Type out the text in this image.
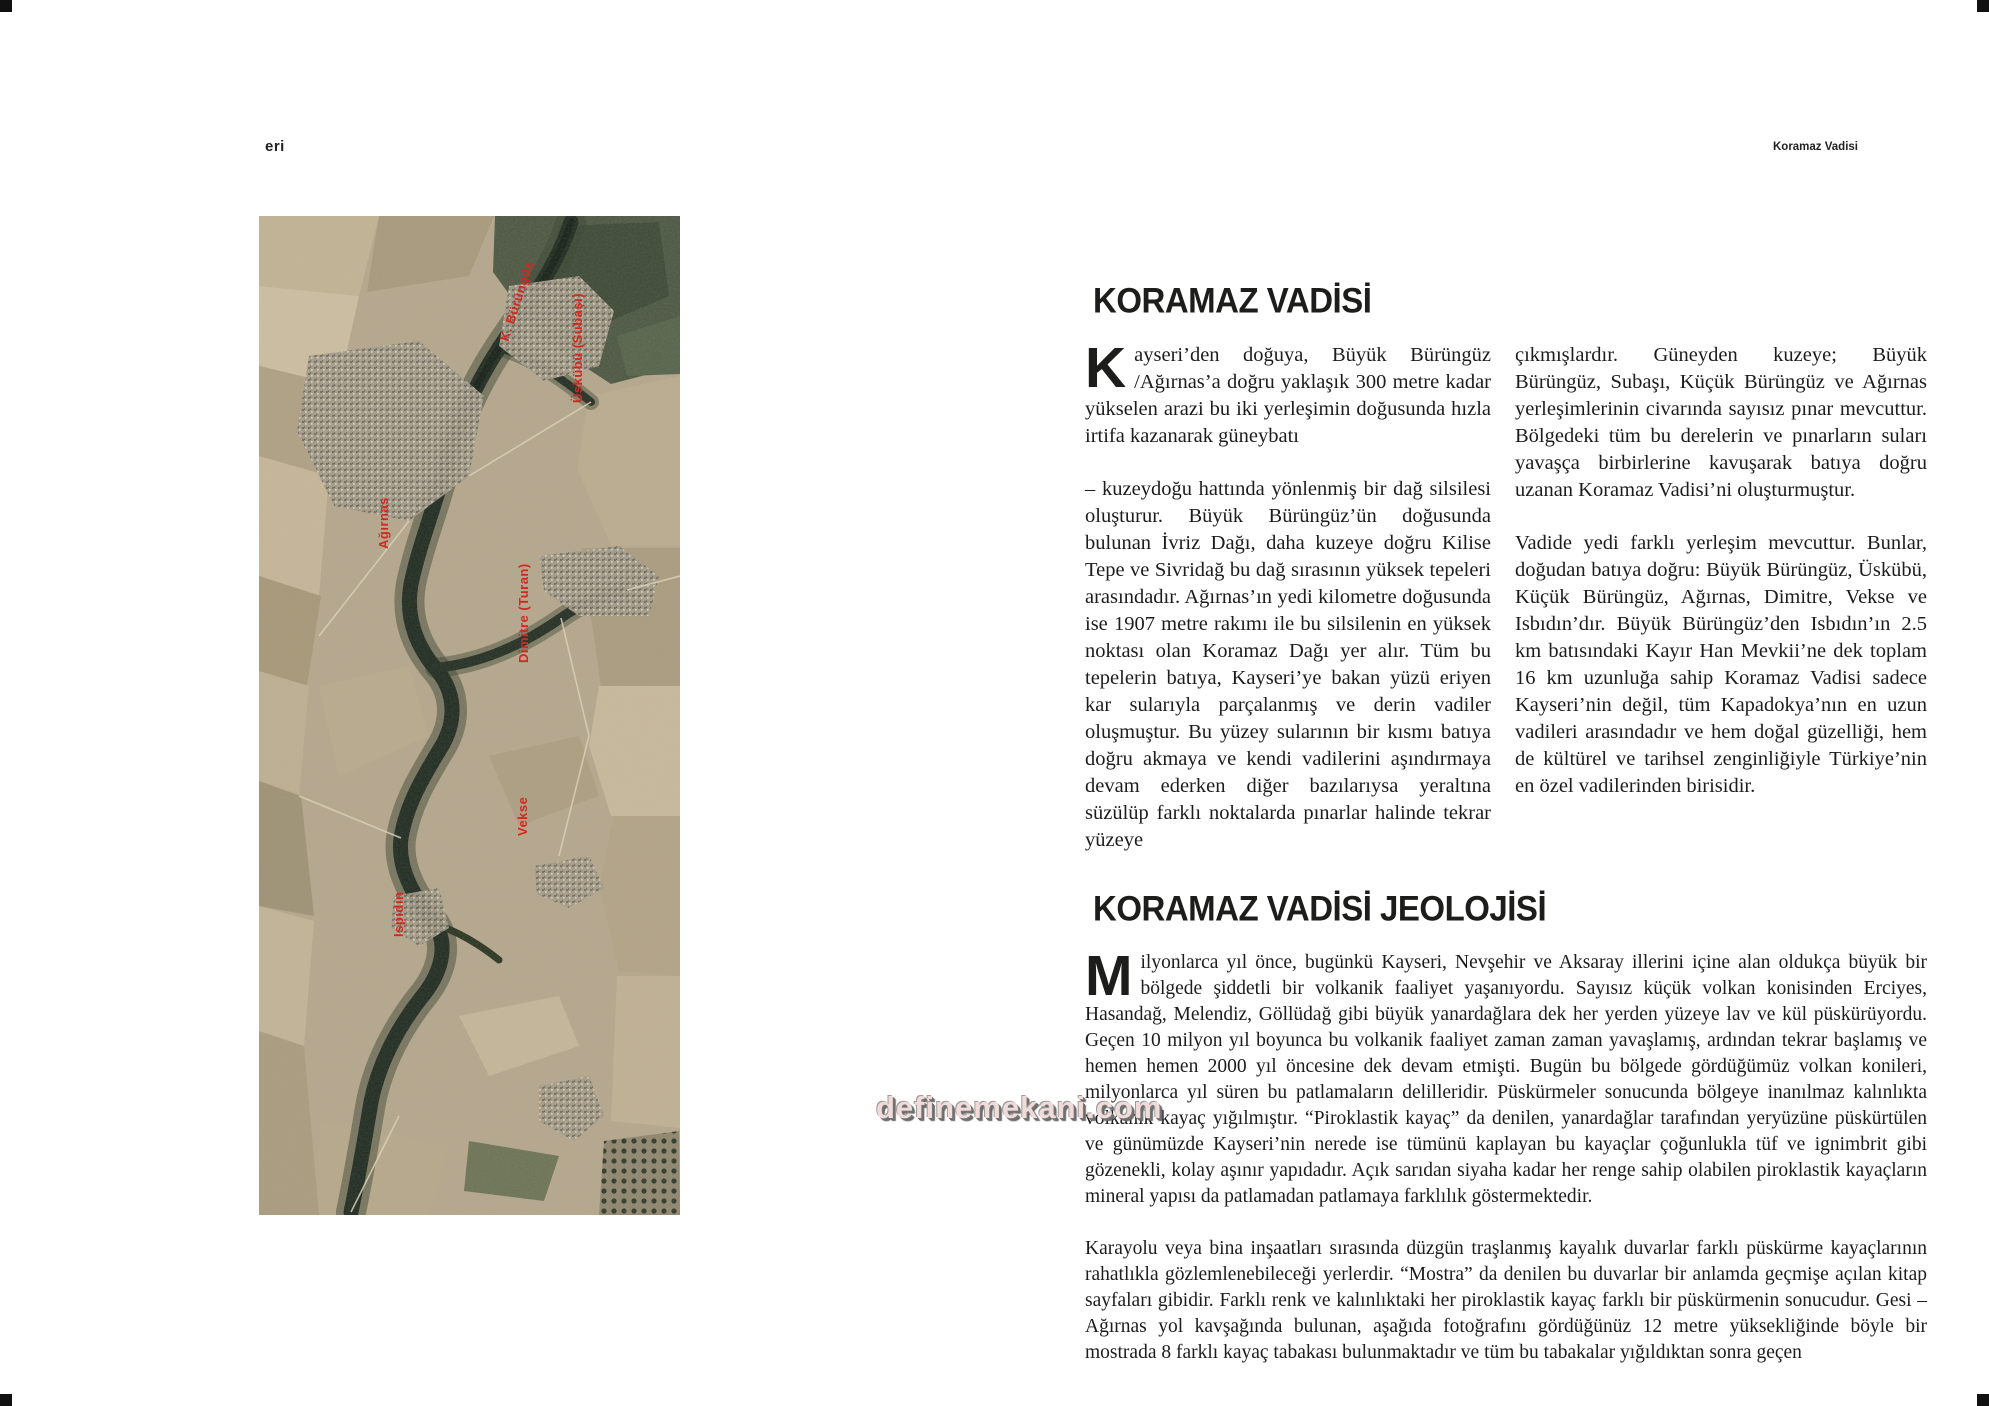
eri	Koramaz Vadisi
K. Bürüngüz	Üskübü (Subaşı)
Ağırnas
Dimitre (Turan)
Vekse
Ispıdın
KORAMAZ VADİSİ

Kayseri’den doğuya, Büyük Bürüngüz /Ağırnas’a doğru yaklaşık 300 metre kadar yükselen arazi bu iki yerleşimin doğusunda hızla irtifa kazanarak güneybatı

– kuzeydoğu hattında yönlenmiş bir dağ silsilesi oluşturur. Büyük Bürüngüz’ün doğusunda bulunan İvriz Dağı, daha kuzeye doğru Kilise Tepe ve Sivridağ bu dağ sırasının yüksek tepeleri arasındadır. Ağırnas’ın yedi kilometre doğusunda ise 1907 metre rakımı ile bu silsilenin en yüksek noktası olan Koramaz Dağı yer alır. Tüm bu tepelerin batıya, Kayseri’ye bakan yüzü eriyen kar sularıyla parçalanmış ve derin vadiler oluşmuştur. Bu yüzey sularının bir kısmı batıya doğru akmaya ve kendi vadilerini aşındırmaya devam ederken diğer bazılarıysa yeraltına süzülüp farklı noktalarda pınarlar halinde tekrar yüzeye

çıkmışlardır. Güneyden kuzeye; Büyük Bürüngüz, Subaşı, Küçük Bürüngüz ve Ağırnas yerleşimlerinin civarında sayısız pınar mevcuttur. Bölgedeki tüm bu derelerin ve pınarların suları yavaşça birbirlerine kavuşarak batıya doğru uzanan Koramaz Vadisi’ni oluşturmuştur.

Vadide yedi farklı yerleşim mevcuttur. Bunlar, doğudan batıya doğru: Büyük Bürüngüz, Üskübü, Küçük Bürüngüz, Ağırnas, Dimitre, Vekse ve Isbıdın’dır. Büyük Bürüngüz’den Isbıdın’ın 2.5 km batısındaki Kayır Han Mevkii’ne dek toplam 16 km uzunluğa sahip Koramaz Vadisi sadece Kayseri’nin değil, tüm Kapadokya’nın en uzun vadileri arasındadır ve hem doğal güzelliği, hem de kültürel ve tarihsel zenginliğiyle Türkiye’nin en özel vadilerinden birisidir.

KORAMAZ VADİSİ JEOLOJİSİ

Milyonlarca yıl önce, bugünkü Kayseri, Nevşehir ve Aksaray illerini içine alan oldukça büyük bir bölgede şiddetli bir volkanik faaliyet yaşanıyordu. Sayısız küçük volkan konisinden Erciyes, Hasandağ, Melendiz, Göllüdağ gibi büyük yanardağlara dek her yerden yüzeye lav ve kül püskürüyordu. Geçen 10 milyon yıl boyunca bu volkanik faaliyet zaman zaman yavaşlamış, ardından tekrar başlamış ve hemen hemen 2000 yıl öncesine dek devam etmişti. Bugün bu bölgede gördüğümüz volkan konileri, milyonlarca yıl süren bu patlamaların delilleridir. Püskürmeler sonucunda bölgeye inanılmaz kalınlıkta volkanik kayaç yığılmıştır. “Piroklastik kayaç” da denilen, yanardağlar tarafından yeryüzüne püskürtülen ve günümüzde Kayseri’nin nerede ise tümünü kaplayan bu kayaçlar çoğunlukla tüf ve ignimbrit gibi gözenekli, kolay aşınır yapıdadır. Açık sarıdan siyaha kadar her renge sahip olabilen piroklastik kayaçların mineral yapısı da patlamadan patlamaya farklılık göstermektedir.

Karayolu veya bina inşaatları sırasında düzgün traşlanmış kayalık duvarlar farklı püskürme kayaçlarının rahatlıkla gözlemlenebileceği yerlerdir. “Mostra” da denilen bu duvarlar bir anlamda geçmişe açılan kitap sayfaları gibidir. Farklı renk ve kalınlıktaki her piroklastik kayaç farklı bir püskürmenin sonucudur. Gesi – Ağırnas yol kavşağında bulunan, aşağıda fotoğrafını gördüğünüz 12 metre yüksekliğinde böyle bir mostrada 8 farklı kayaç tabakası bulunmaktadır ve tüm bu tabakalar yığıldıktan sonra geçen

definemekani.com
